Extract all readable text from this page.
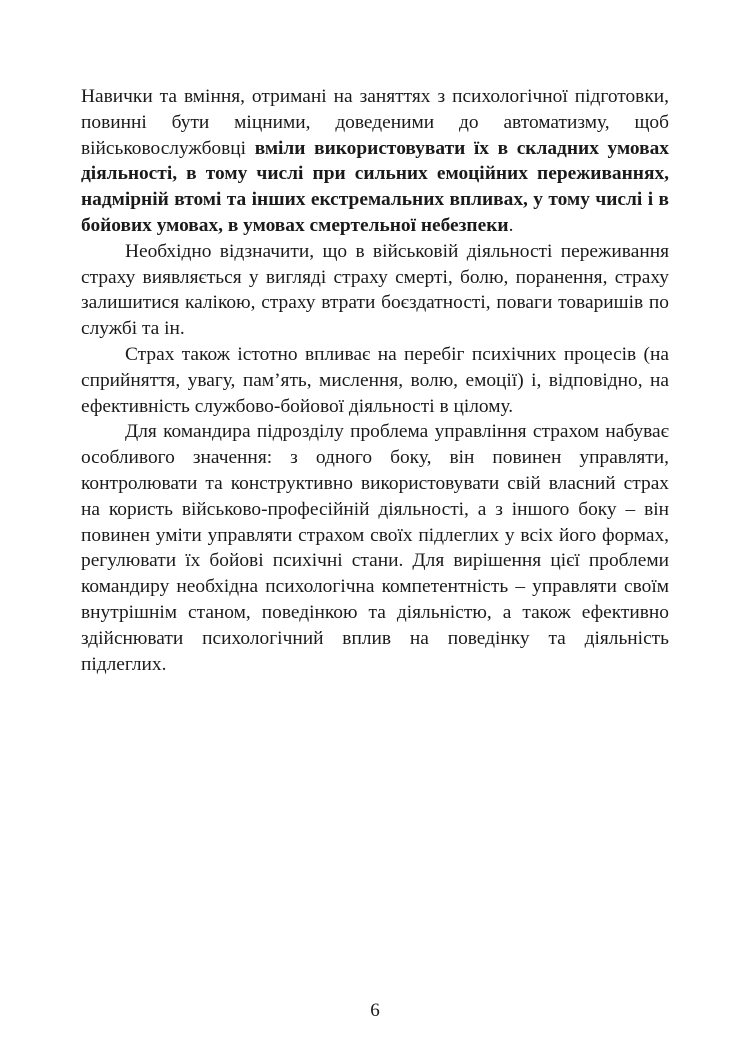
Навички та вміння, отримані на заняттях з психологічної підготовки, повинні бути міцними, доведеними до автоматизму, щоб військовослужбовці вміли використовувати їх в складних умовах діяльності, в тому числі при сильних емоційних переживаннях, надмірній втомі та інших екстремальних впливах, у тому числі і в бойових умовах, в умовах смертельної небезпеки.

Необхідно відзначити, що в військовій діяльності переживання страху виявляється у вигляді страху смерті, болю, поранення, страху залишитися калікою, страху втрати боєздатності, поваги товаришів по службі та ін.

Страх також істотно впливає на перебіг психічних процесів (на сприйняття, увагу, пам’ять, мислення, волю, емоції) і, відповідно, на ефективність службово-бойової діяльності в цілому.

Для командира підрозділу проблема управління страхом набуває особливого значення: з одного боку, він повинен управляти, контролювати та конструктивно використовувати свій власний страх на користь військово-професійній діяльності, а з іншого боку – він повинен уміти управляти страхом своїх підлеглих у всіх його формах, регулювати їх бойові психічні стани. Для вирішення цієї проблеми командиру необхідна психологічна компетентність – управляти своїм внутрішнім станом, поведінкою та діяльністю, а також ефективно здійснювати психологічний вплив на поведінку та діяльність підлеглих.

6
